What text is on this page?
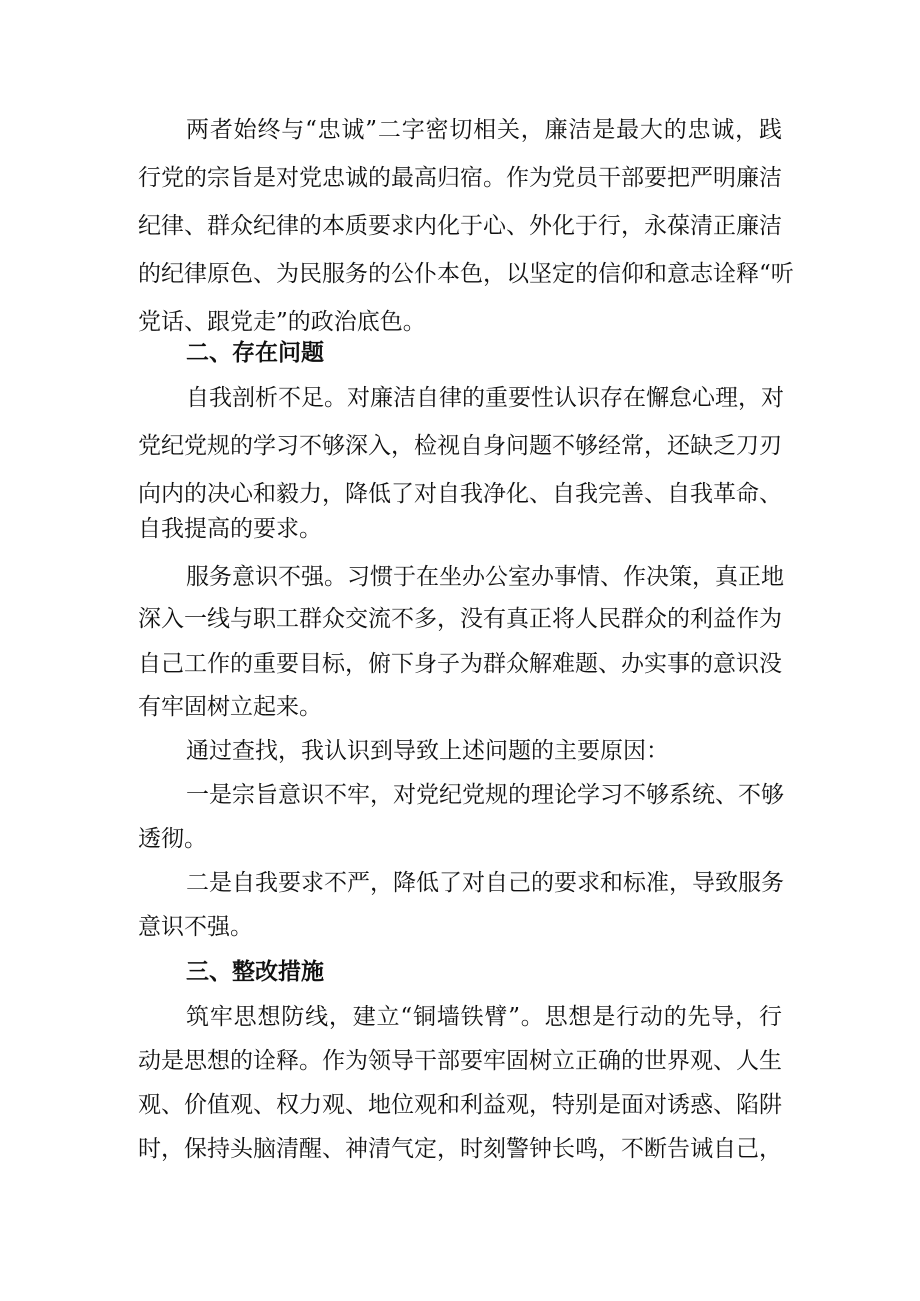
两者始终与“忠诚”二字密切相关，廉洁是最大的忠诚，践

行党的宗旨是对党忠诚的最高归宿。作为党员干部要把严明廉洁

纪律、群众纪律的本质要求内化于心、外化于行，永葆清正廉洁

的纪律原色、为民服务的公仆本色，以坚定的信仰和意志诠释“听

党话、跟党走”的政治底色。

二、存在问题

自我剖析不足。对廉洁自律的重要性认识存在懈怠心理，对

党纪党规的学习不够深入，检视自身问题不够经常，还缺乏刀刃

向内的决心和毅力，降低了对自我净化、自我完善、自我革命、

自我提高的要求。

服务意识不强。习惯于在坐办公室办事情、作决策，真正地

深入一线与职工群众交流不多，没有真正将人民群众的利益作为

自己工作的重要目标，俯下身子为群众解难题、办实事的意识没

有牢固树立起来。

通过查找，我认识到导致上述问题的主要原因：

一是宗旨意识不牢，对党纪党规的理论学习不够系统、不够

透彻。

二是自我要求不严，降低了对自己的要求和标准，导致服务

意识不强。

三、整改措施

筑牢思想防线，建立“铜墙铁臂”。思想是行动的先导，行

动是思想的诠释。作为领导干部要牢固树立正确的世界观、人生

观、价值观、权力观、地位观和利益观，特别是面对诱惑、陷阱

时，保持头脑清醒、神清气定，时刻警钟长鸣，不断告诫自己，
